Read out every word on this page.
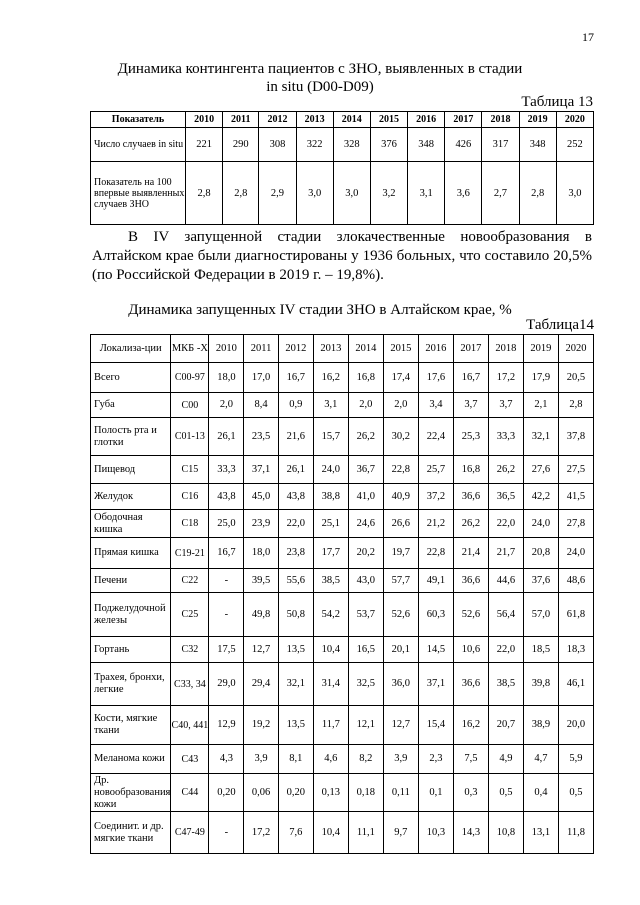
17
Динамика контингента пациентов с ЗНО, выявленных в стадии
in situ (D00-D09)
Таблица 13
Показатель	2010	2011	2012	2013	2014	2015	2016	2017	2018	2019	2020
Число случаев in situ	221	290	308	322	328	376	348	426	317	348	252
Показатель на 100 впервые выявленных случаев ЗНО	2,8	2,8	2,9	3,0	3,0	3,2	3,1	3,6	2,7	2,8	3,0
В IV запущенной стадии злокачественные новообразования в Алтайском крае были диагностированы у 1936 больных, что составило 20,5% (по Российской Федерации в 2019 г. – 19,8%).
Динамика запущенных IV стадии ЗНО в Алтайском крае, %
Таблица14
Локализа-ции	МКБ -Х	2010	2011	2012	2013	2014	2015	2016	2017	2018	2019	2020
Всего	C00-97	18,0	17,0	16,7	16,2	16,8	17,4	17,6	16,7	17,2	17,9	20,5
Губа	C00	2,0	8,4	0,9	3,1	2,0	2,0	3,4	3,7	3,7	2,1	2,8
Полость рта и глотки	C01-13	26,1	23,5	21,6	15,7	26,2	30,2	22,4	25,3	33,3	32,1	37,8
Пищевод	C15	33,3	37,1	26,1	24,0	36,7	22,8	25,7	16,8	26,2	27,6	27,5
Желудок	C16	43,8	45,0	43,8	38,8	41,0	40,9	37,2	36,6	36,5	42,2	41,5
Ободочная кишка	C18	25,0	23,9	22,0	25,1	24,6	26,6	21,2	26,2	22,0	24,0	27,8
Прямая кишка	C19-21	16,7	18,0	23,8	17,7	20,2	19,7	22,8	21,4	21,7	20,8	24,0
Печени	C22	-	39,5	55,6	38,5	43,0	57,7	49,1	36,6	44,6	37,6	48,6
Поджелудочной железы	C25	-	49,8	50,8	54,2	53,7	52,6	60,3	52,6	56,4	57,0	61,8
Гортань	C32	17,5	12,7	13,5	10,4	16,5	20,1	14,5	10,6	22,0	18,5	18,3
Трахея, бронхи, легкие	C33, 34	29,0	29,4	32,1	31,4	32,5	36,0	37,1	36,6	38,5	39,8	46,1
Кости, мягкие ткани	C40, 441	12,9	19,2	13,5	11,7	12,1	12,7	15,4	16,2	20,7	38,9	20,0
Меланома кожи	C43	4,3	3,9	8,1	4,6	8,2	3,9	2,3	7,5	4,9	4,7	5,9
Др. новообразования кожи	C44	0,20	0,06	0,20	0,13	0,18	0,11	0,1	0,3	0,5	0,4	0,5
Соединит. и др. мягкие ткани	C47-49	-	17,2	7,6	10,4	11,1	9,7	10,3	14,3	10,8	13,1	11,8
